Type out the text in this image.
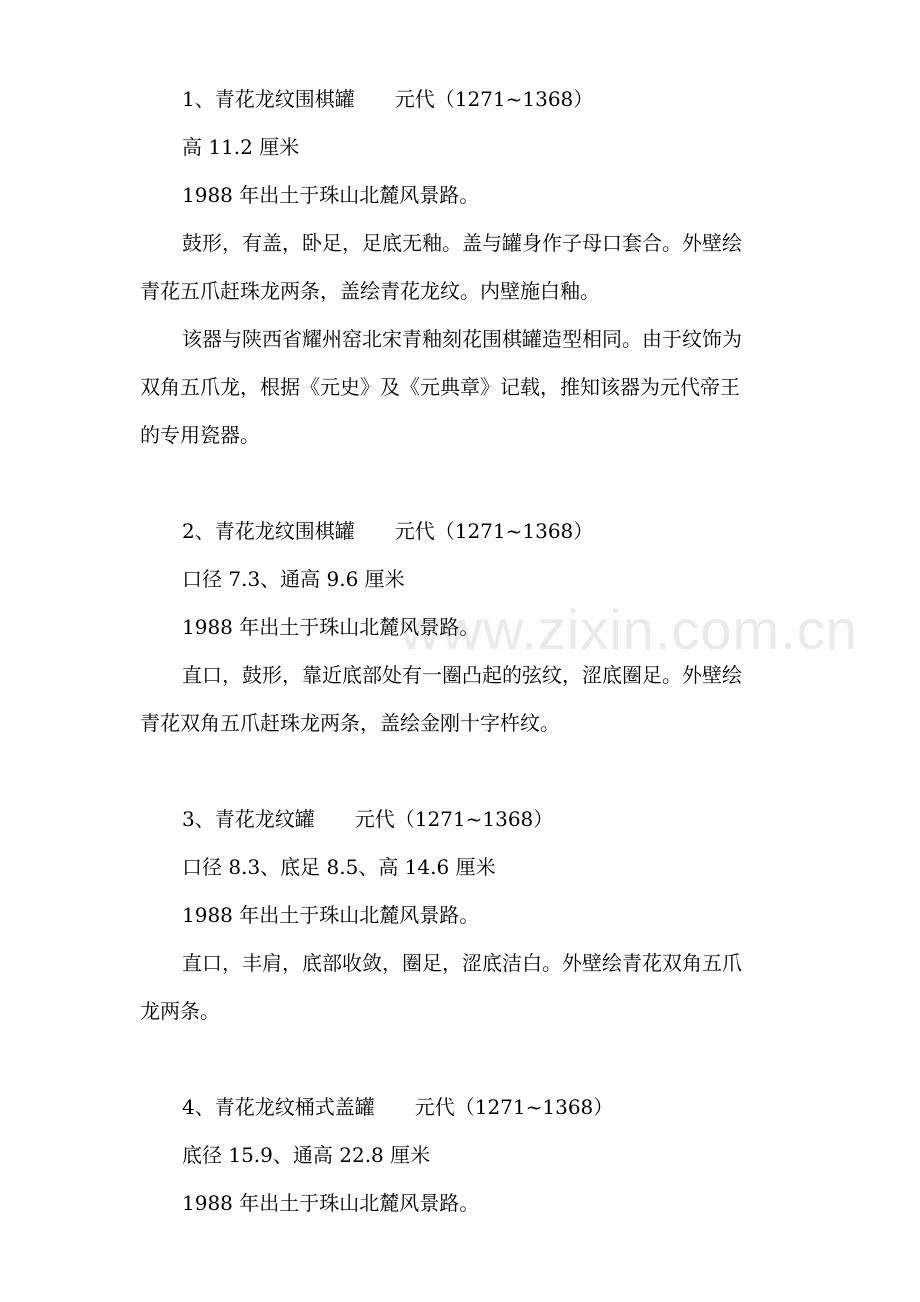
www.zixin.com.cn
1、青花龙纹围棋罐　　元代（1271~1368）
高 11.2 厘米
1988 年出土于珠山北麓风景路。
鼓形，有盖，卧足，足底无釉。盖与罐身作子母口套合。外壁绘
青花五爪赶珠龙两条，盖绘青花龙纹。内壁施白釉。
该器与陕西省耀州窑北宋青釉刻花围棋罐造型相同。由于纹饰为
双角五爪龙，根据《元史》及《元典章》记载，推知该器为元代帝王
的专用瓷器。
2、青花龙纹围棋罐　　元代（1271~1368）
口径 7.3、通高 9.6 厘米
1988 年出土于珠山北麓风景路。
直口，鼓形，靠近底部处有一圈凸起的弦纹，涩底圈足。外壁绘
青花双角五爪赶珠龙两条，盖绘金刚十字杵纹。
3、青花龙纹罐　　元代（1271~1368）
口径 8.3、底足 8.5、高 14.6 厘米
1988 年出土于珠山北麓风景路。
直口，丰肩，底部收敛，圈足，涩底洁白。外壁绘青花双角五爪
龙两条。
4、青花龙纹桶式盖罐　　元代（1271~1368）
底径 15.9、通高 22.8 厘米
1988 年出土于珠山北麓风景路。
